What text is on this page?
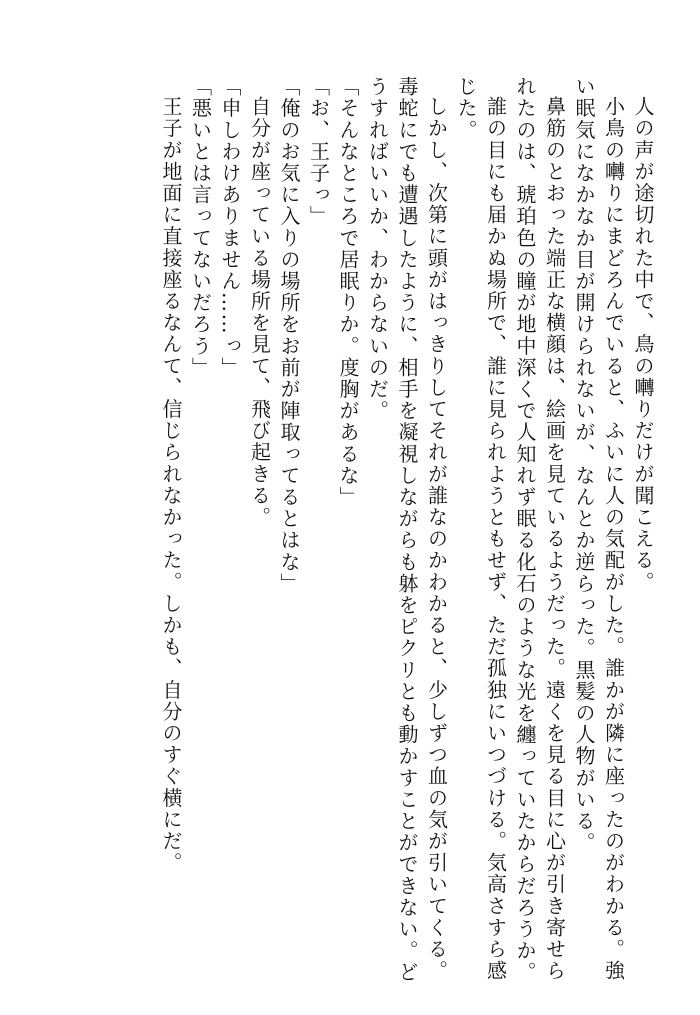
人の声が途切れた中で、鳥の囀りだけが聞こえる。
小鳥の囀りにまどろんでいると、ふいに人の気配がした。誰かが隣に座ったのがわかる。強
い眠気になかなか目が開けられないが、なんとか逆らった。黒髪の人物がいる。
鼻筋のとおった端正な横顔は、絵画を見ているようだった。遠くを見る目に心が引き寄せら
れたのは、琥珀色の瞳が地中深くで人知れず眠る化石のような光を纏っていたからだろうか。
誰の目にも届かぬ場所で、誰に見られようともせず、ただ孤独にいつづける。気高さすら感
じた。
しかし、次第に頭がはっきりしてそれが誰なのかわかると、少しずつ血の気が引いてくる。
毒蛇にでも遭遇したように、相手を凝視しながらも躰をピクリとも動かすことができない。ど
うすればいいか、わからないのだ。
「そんなところで居眠りか。度胸があるな」
「お、王子っ」
「俺のお気に入りの場所をお前が陣取ってるとはな」
自分が座っている場所を見て、飛び起きる。
「申しわけありません……っ」
「悪いとは言ってないだろう」
王子が地面に直接座るなんて、信じられなかった。しかも、自分のすぐ横にだ。
